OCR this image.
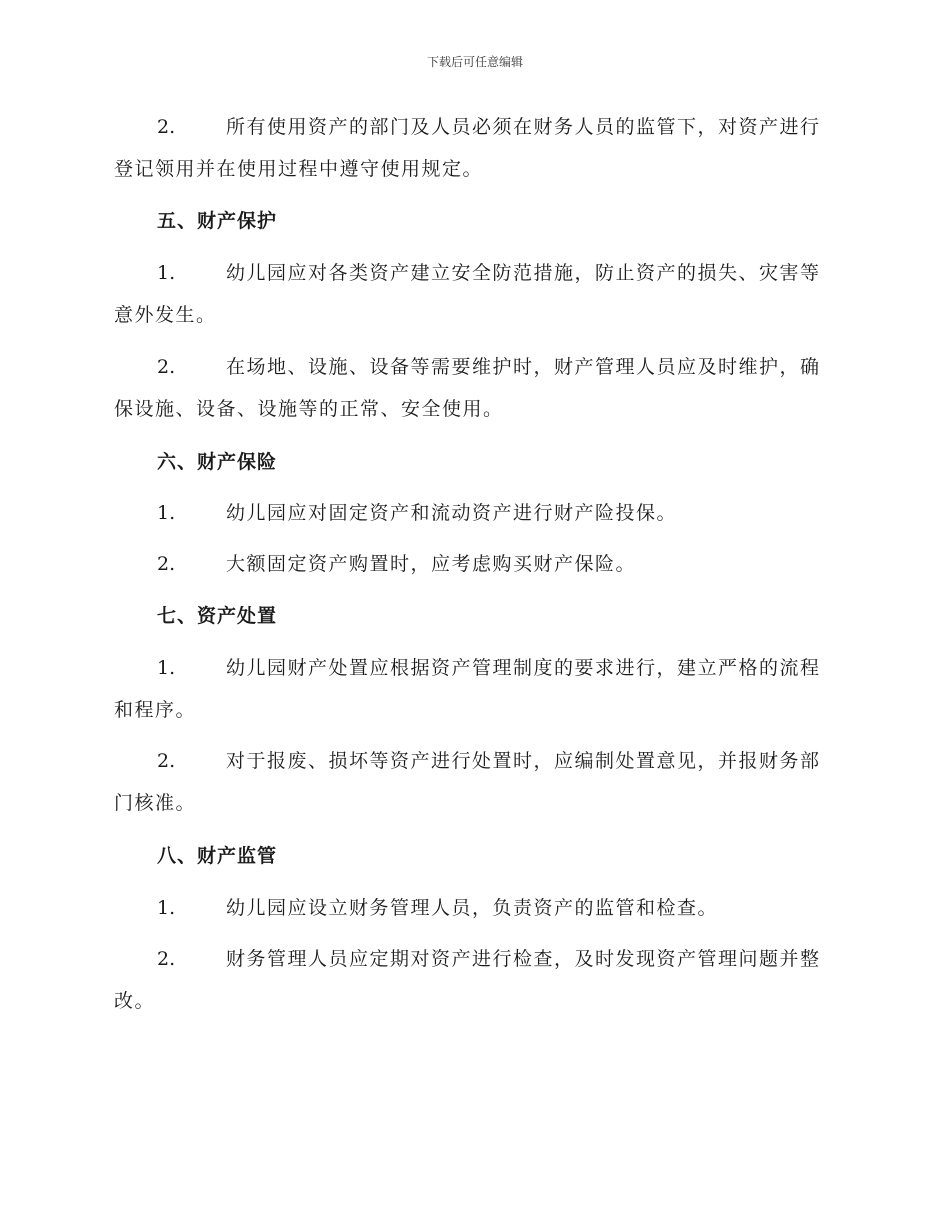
下载后可任意编辑

2.	所有使用资产的部门及人员必须在财务人员的监管下，对资产进行登记领用并在使用过程中遵守使用规定。

五、财产保护

1.	幼儿园应对各类资产建立安全防范措施，防止资产的损失、灾害等意外发生。

2.	在场地、设施、设备等需要维护时，财产管理人员应及时维护，确保设施、设备、设施等的正常、安全使用。

六、财产保险

1.	幼儿园应对固定资产和流动资产进行财产险投保。

2.	大额固定资产购置时，应考虑购买财产保险。

七、资产处置

1.	幼儿园财产处置应根据资产管理制度的要求进行，建立严格的流程和程序。

2.	对于报废、损坏等资产进行处置时，应编制处置意见，并报财务部门核准。

八、财产监管

1.	幼儿园应设立财务管理人员，负责资产的监管和检查。

2.	财务管理人员应定期对资产进行检查，及时发现资产管理问题并整改。
